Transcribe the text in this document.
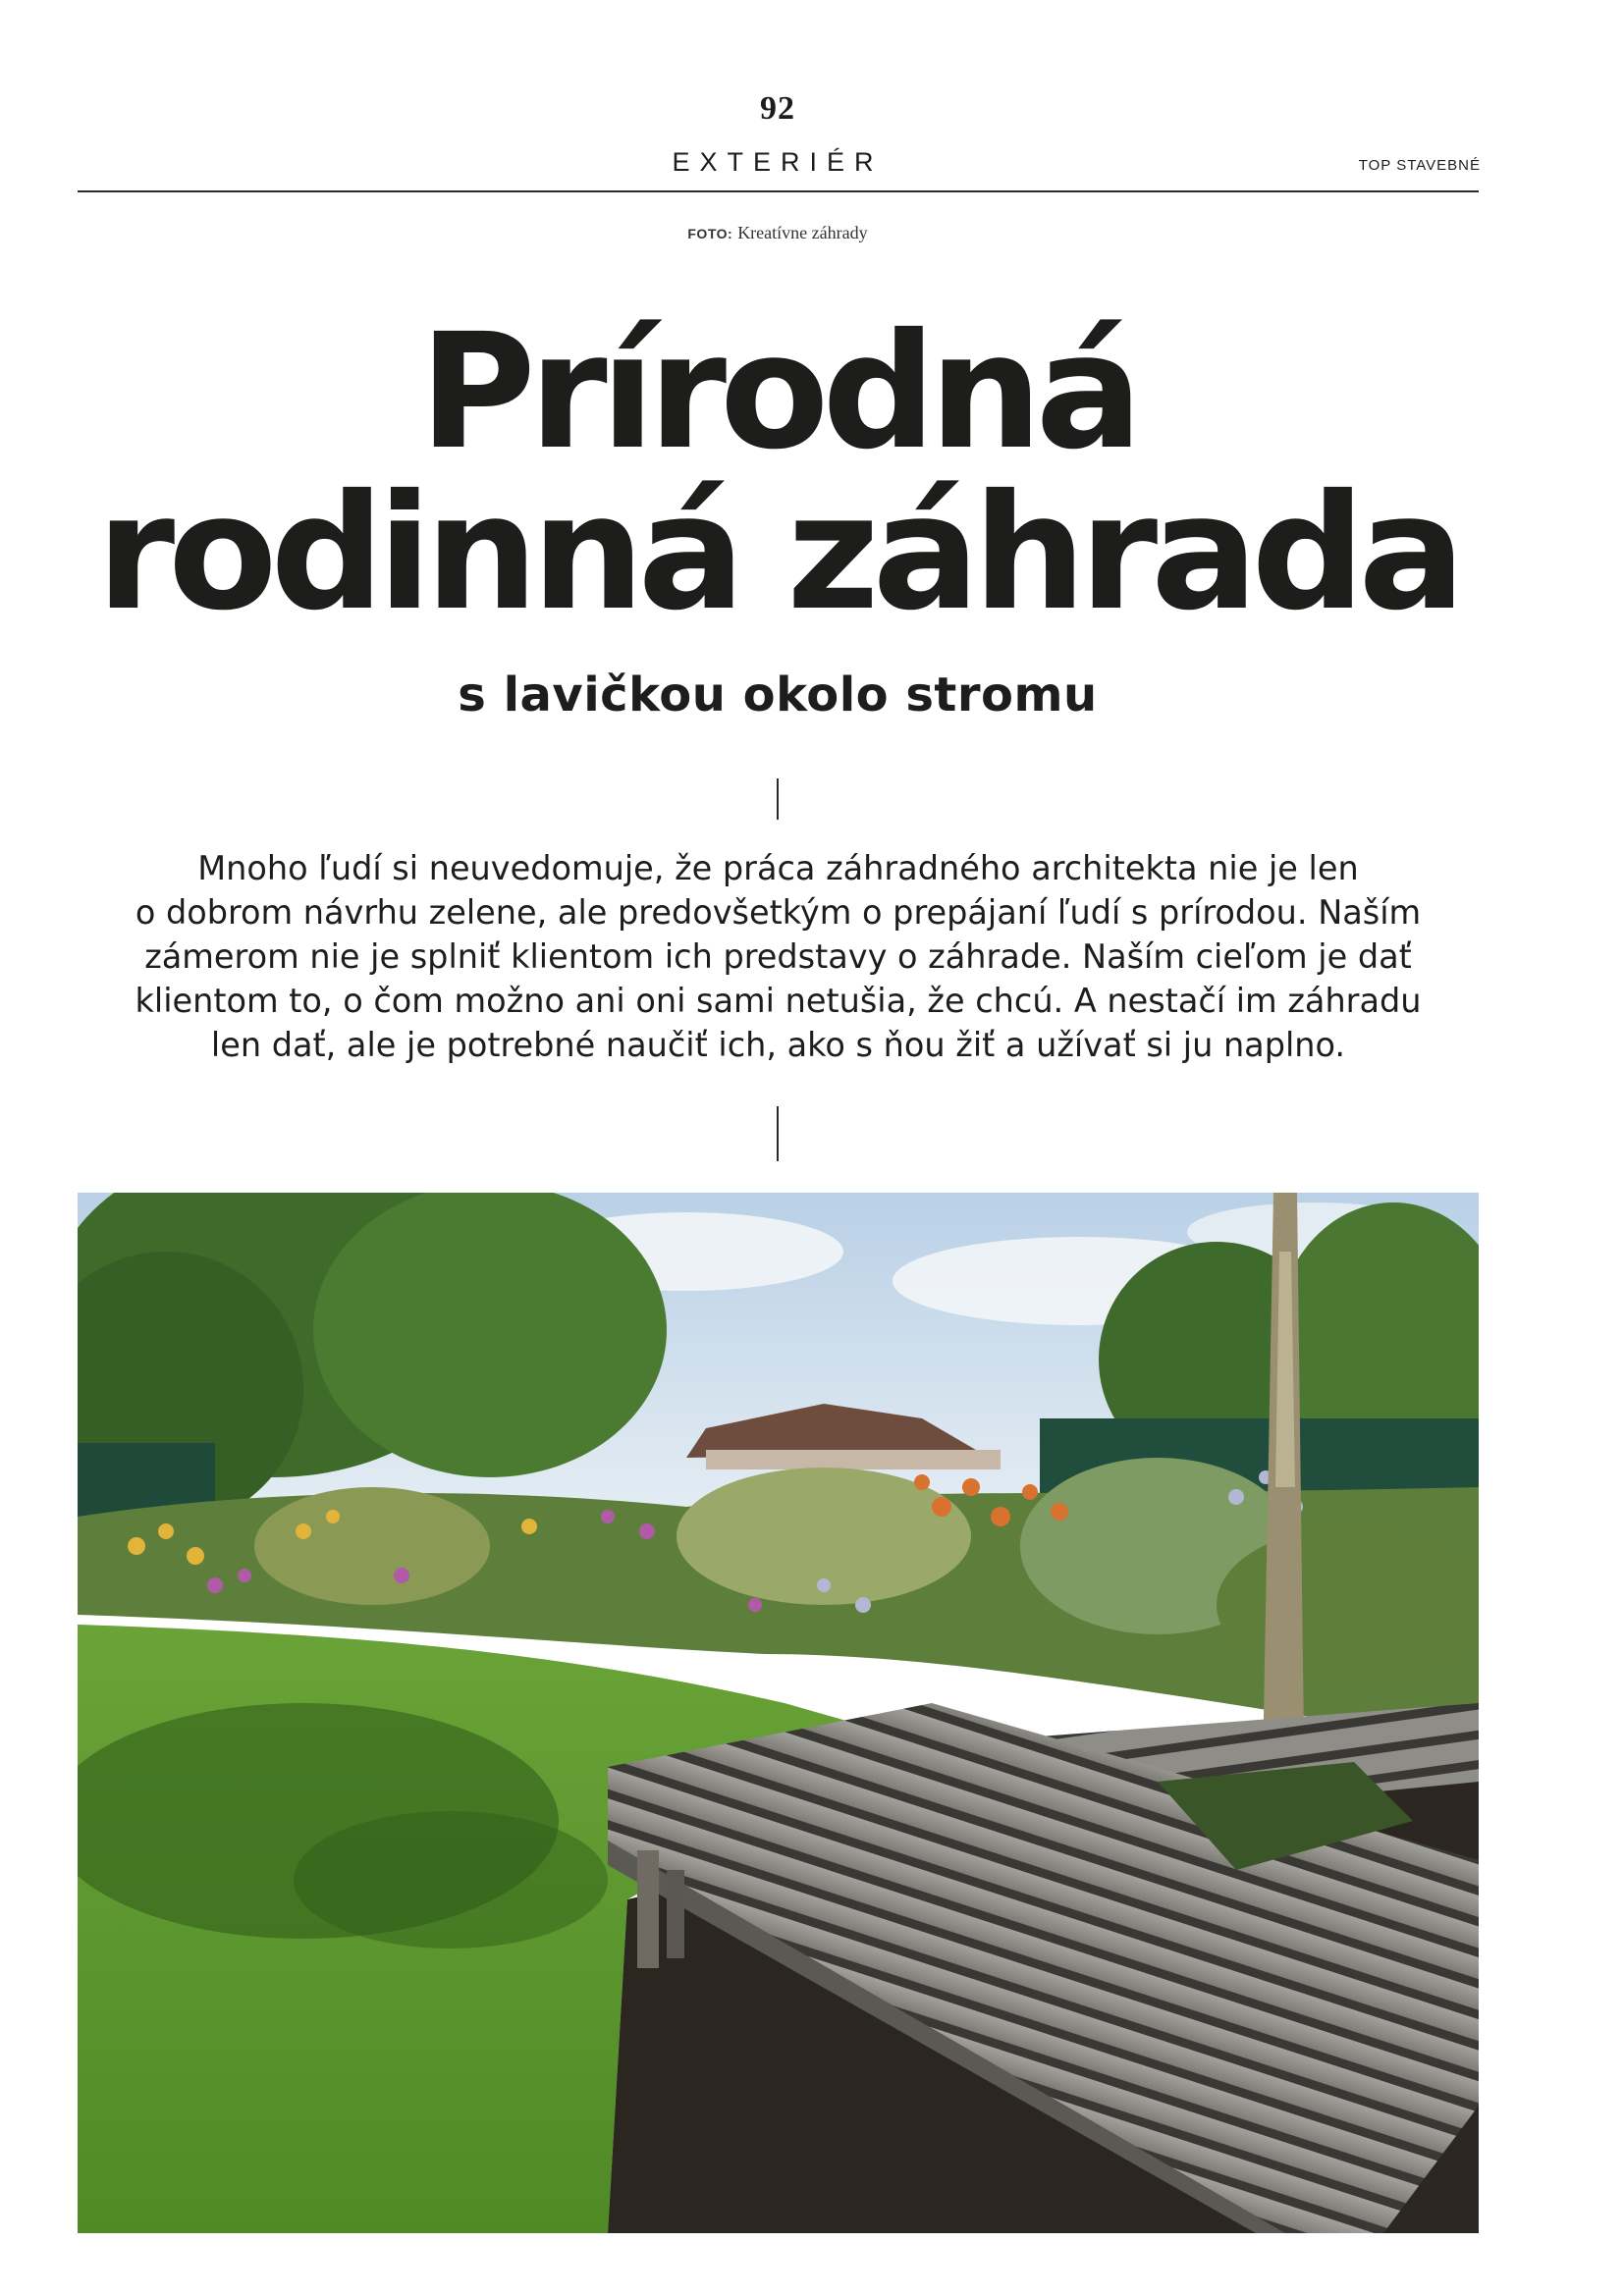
92
EXTERIÉR	TOP STAVEBNÉ
FOTO: Kreatívne záhrady
Prírodná
rodinná záhrada
s lavičkou okolo stromu
Mnoho ľudí si neuvedomuje, že práca záhradného architekta nie je len
o dobrom návrhu zelene, ale predovšetkým o prepájaní ľudí s prírodou. Naším
zámerom nie je splniť klientom ich predstavy o záhrade. Naším cieľom je dať
klientom to, o čom možno ani oni sami netušia, že chcú. A nestačí im záhradu
len dať, ale je potrebné naučiť ich, ako s ňou žiť a užívať si ju naplno.
